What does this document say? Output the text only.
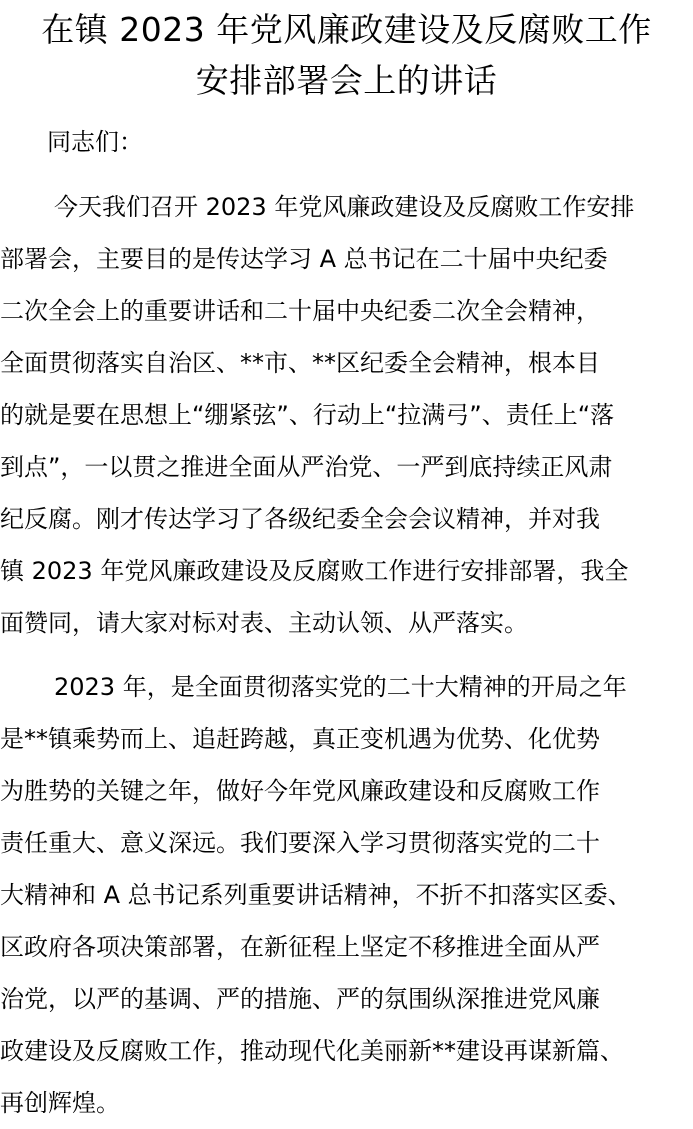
在镇 2023 年党风廉政建设及反腐败工作
安排部署会上的讲话
同志们：
今天我们召开 2023 年党风廉政建设及反腐败工作安排
部署会，主要目的是传达学习 A 总书记在二十届中央纪委
二次全会上的重要讲话和二十届中央纪委二次全会精神，
全面贯彻落实自治区、**市、**区纪委全会精神，根本目
的就是要在思想上“绷紧弦”、行动上“拉满弓”、责任上“落
到点”，一以贯之推进全面从严治党、一严到底持续正风肃
纪反腐。刚才传达学习了各级纪委全会会议精神，并对我
镇 2023 年党风廉政建设及反腐败工作进行安排部署，我全
面赞同，请大家对标对表、主动认领、从严落实。
2023 年，是全面贯彻落实党的二十大精神的开局之年
是**镇乘势而上、追赶跨越，真正变机遇为优势、化优势
为胜势的关键之年，做好今年党风廉政建设和反腐败工作
责任重大、意义深远。我们要深入学习贯彻落实党的二十
大精神和 A 总书记系列重要讲话精神，不折不扣落实区委、
区政府各项决策部署，在新征程上坚定不移推进全面从严
治党，以严的基调、严的措施、严的氛围纵深推进党风廉
政建设及反腐败工作，推动现代化美丽新**建设再谋新篇、
再创辉煌。
